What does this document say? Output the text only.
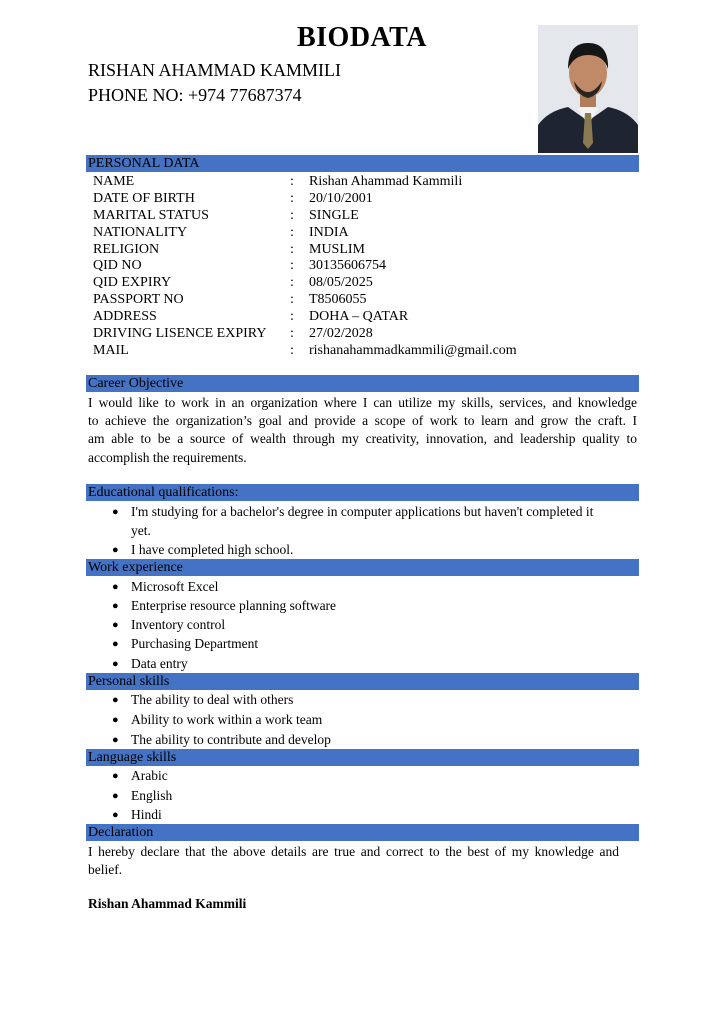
BIODATA
RISHAN AHAMMAD KAMMILI
PHONE NO: +974 77687374
PERSONAL DATA
NAME	: Rishan Ahammad Kammili
DATE OF BIRTH	: 20/10/2001
MARITAL STATUS	: SINGLE
NATIONALITY	: INDIA
RELIGION	: MUSLIM
QID NO	: 30135606754
QID EXPIRY	: 08/05/2025
PASSPORT NO	: T8506055
ADDRESS	: DOHA – QATAR
DRIVING LISENCE EXPIRY	: 27/02/2028
MAIL	: rishanahammadkammili@gmail.com
Career Objective
I would like to work in an organization where I can utilize my skills, services, and knowledge
to achieve the organization’s goal and provide a scope of work to learn and grow the craft. I
am able to be a source of wealth through my creativity, innovation, and leadership quality to
accomplish the requirements.
Educational qualifications:
● I'm studying for a bachelor's degree in computer applications but haven't completed it
yet.
● I have completed high school.
Work experience
● Microsoft Excel
● Enterprise resource planning software
● Inventory control
● Purchasing Department
● Data entry
Personal skills
● The ability to deal with others
● Ability to work within a work team
● The ability to contribute and develop
Language skills
● Arabic
● English
● Hindi
Declaration
I hereby declare that the above details are true and correct to the best of my knowledge and
belief.
Rishan Ahammad Kammili
